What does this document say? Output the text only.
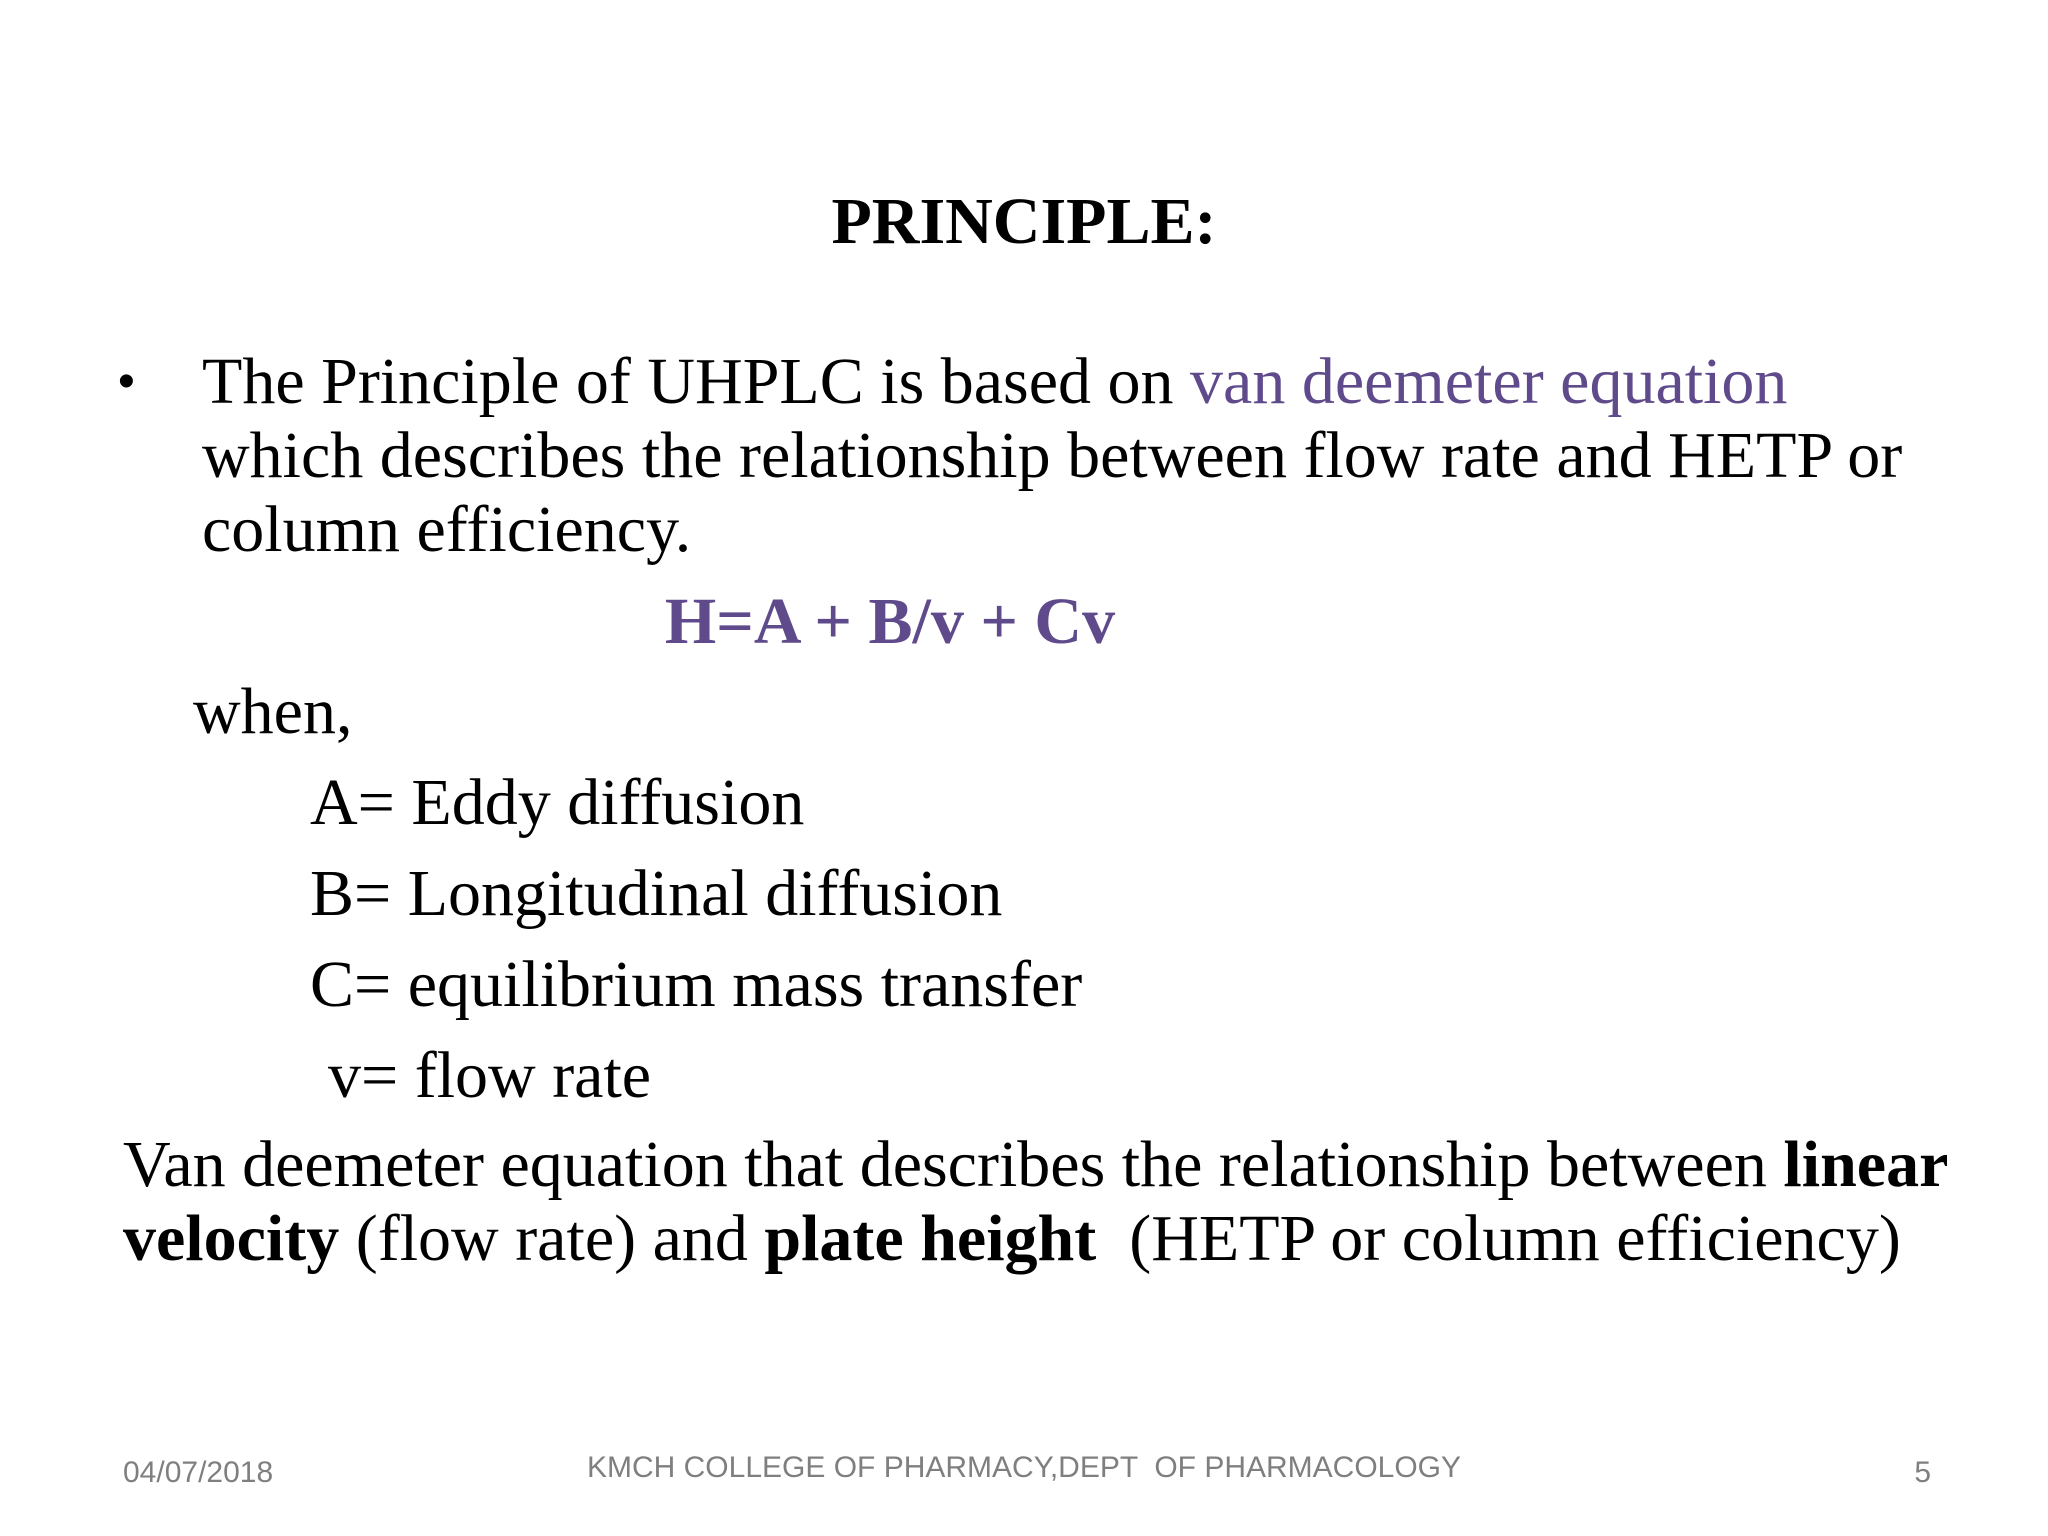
PRINCIPLE:
• The Principle of UHPLC is based on van deemeter equation which describes the relationship between flow rate and HETP or column efficiency.
H=A + B/v + Cv
when,
A= Eddy diffusion
B= Longitudinal diffusion
C= equilibrium mass transfer
v= flow rate
Van deemeter equation that describes the relationship between linear velocity (flow rate) and plate height  (HETP or column efficiency)
04/07/2018	KMCH COLLEGE OF PHARMACY,DEPT  OF PHARMACOLOGY	5
